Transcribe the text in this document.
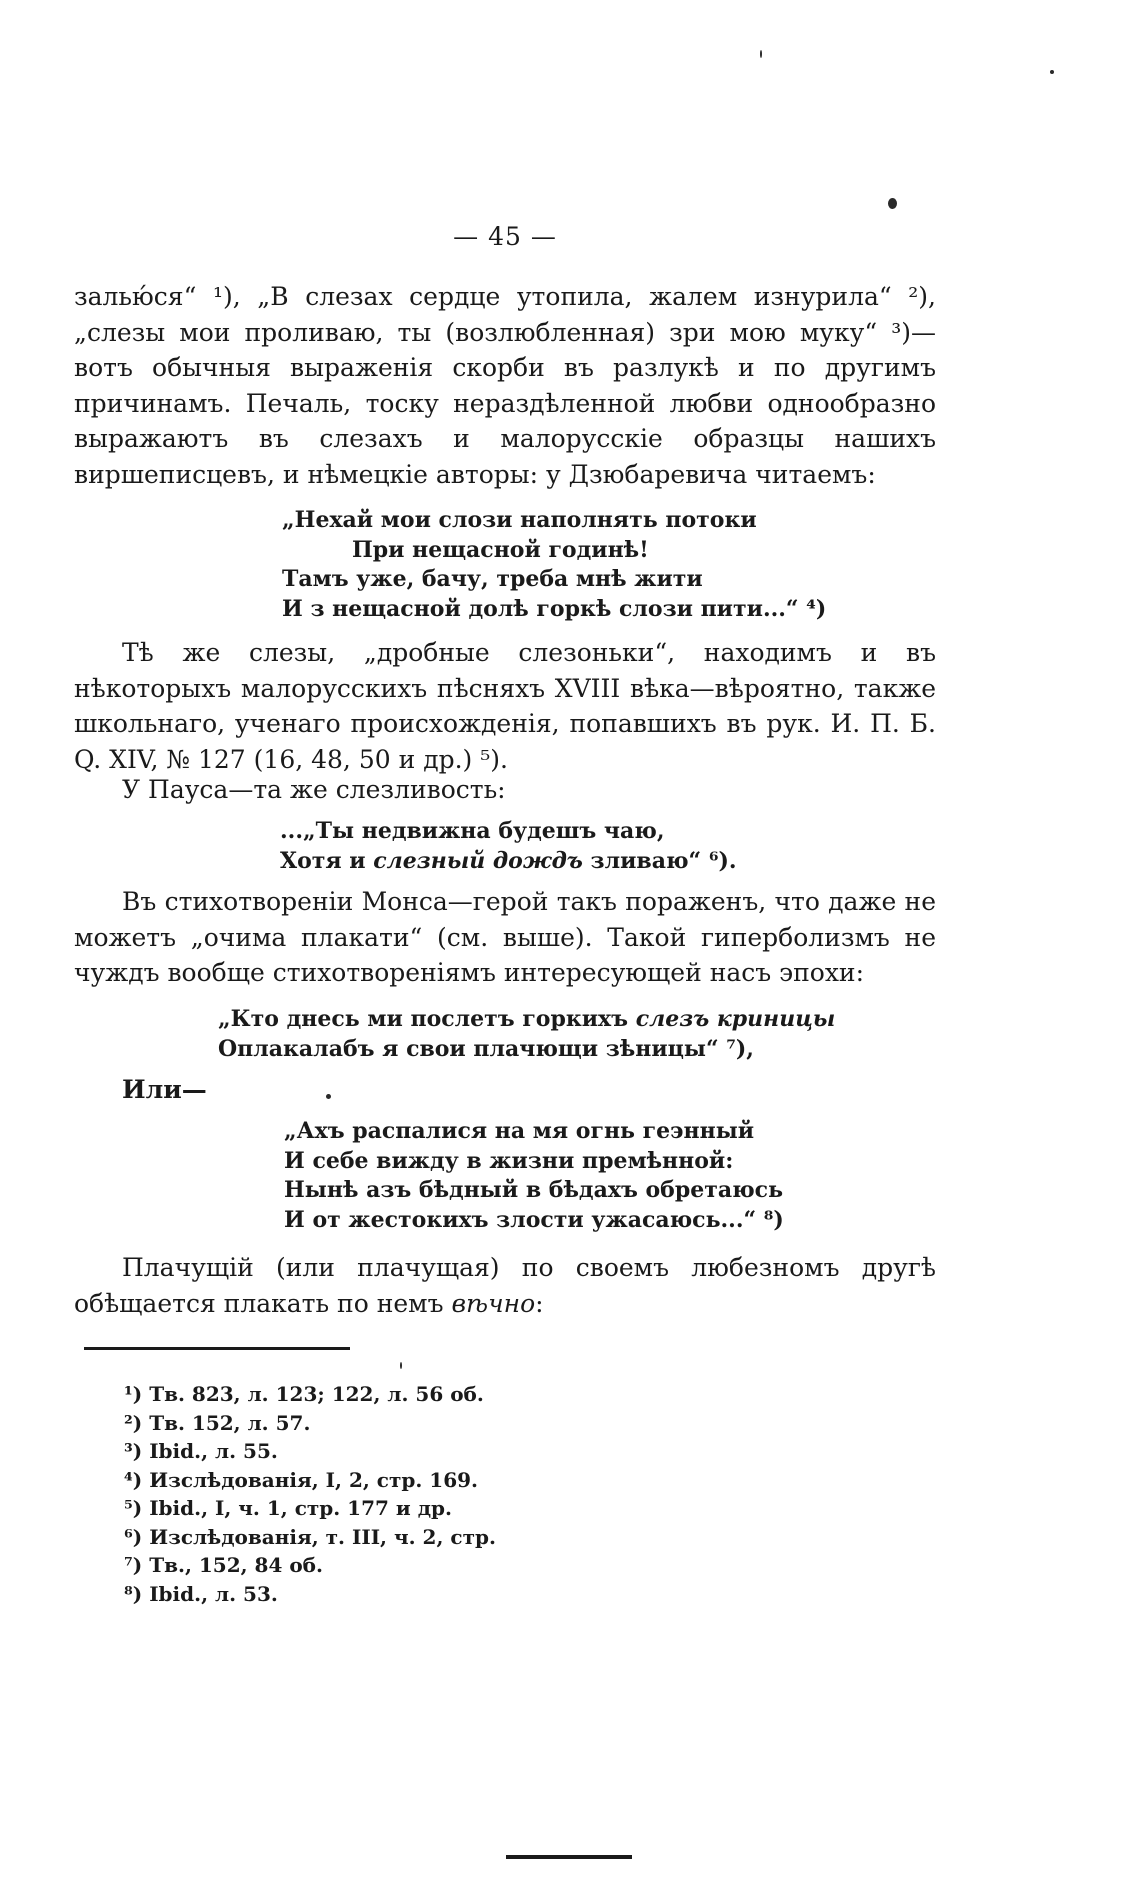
— 45 —

залью́ся“ ¹), „В слезах сердце утопила, жалем изнурила“ ²), „слезы мои проливаю, ты (возлюбленная) зри мою муку“ ³)—вотъ обычныя выраженія скорби въ разлукѣ и по другимъ причинамъ. Печаль, тоску нераздѣленной любви однообразно выражаютъ въ слезахъ и малорусскіе образцы нашихъ виршеписцевъ, и нѣмецкіе авторы: у Дзюбаревича читаемъ:

„Нехай мои слози наполнять потоки
При нещасной годинѣ!
Тамъ уже, бачу, треба мнѣ жити
И з нещасной долѣ горкѣ слози пити...“ ⁴)

Тѣ же слезы, „дробные слезоньки“, находимъ и въ нѣкоторыхъ малорусскихъ пѣсняхъ XVIII вѣка—вѣроятно, также школьнаго, ученаго происхожденія, попавшихъ въ рук. И. П. Б. Q. XIV, № 127 (16, 48, 50 и др.) ⁵).

У Пауса—та же слезливость:

...„Ты недвижна будешъ чаю,
Хотя и слезный дождъ зливаю“ ⁶).

Въ стихотвореніи Монса—герой такъ пораженъ, что даже не можетъ „очима плакати“ (см. выше). Такой гиперболизмъ не чуждъ вообще стихотвореніямъ интересующей насъ эпохи:

„Кто днесь ми послетъ горкихъ слезъ криницы
Оплакалабъ я свои плачющи зѣницы“ ⁷),

Или—

„Ахъ распалися на мя огнь геэнный
И себе вижду в жизни премѣнной:
Нынѣ азъ бѣдный в бѣдахъ обретаюсь
И от жестокихъ злости ужасаюсь...“ ⁸)

Плачущій (или плачущая) по своемъ любезномъ другѣ обѣщается плакать по немъ вѣчно:

¹) Тв. 823, л. 123; 122, л. 56 об.
²) Тв. 152, л. 57.
³) Ibid., л. 55.
⁴) Изслѣдованія, I, 2, стр. 169.
⁵) Ibid., I, ч. 1, стр. 177 и др.
⁶) Изслѣдованія, т. III, ч. 2, стр.
⁷) Тв., 152, 84 об.
⁸) Ibid., л. 53.
